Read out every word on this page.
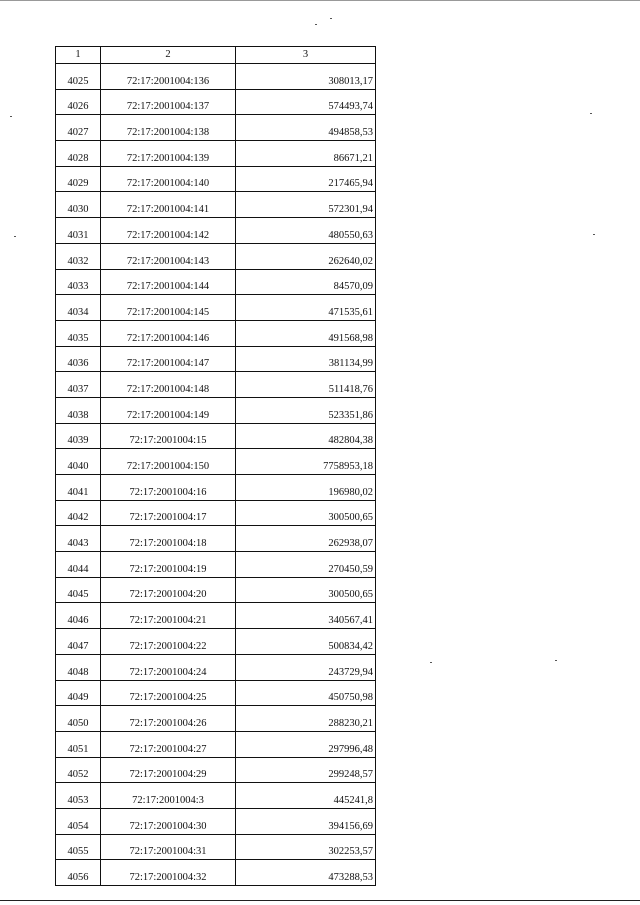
1	2	3
4025	72:17:2001004:136	308013,17
4026	72:17:2001004:137	574493,74
4027	72:17:2001004:138	494858,53
4028	72:17:2001004:139	86671,21
4029	72:17:2001004:140	217465,94
4030	72:17:2001004:141	572301,94
4031	72:17:2001004:142	480550,63
4032	72:17:2001004:143	262640,02
4033	72:17:2001004:144	84570,09
4034	72:17:2001004:145	471535,61
4035	72:17:2001004:146	491568,98
4036	72:17:2001004:147	381134,99
4037	72:17:2001004:148	511418,76
4038	72:17:2001004:149	523351,86
4039	72:17:2001004:15	482804,38
4040	72:17:2001004:150	7758953,18
4041	72:17:2001004:16	196980,02
4042	72:17:2001004:17	300500,65
4043	72:17:2001004:18	262938,07
4044	72:17:2001004:19	270450,59
4045	72:17:2001004:20	300500,65
4046	72:17:2001004:21	340567,41
4047	72:17:2001004:22	500834,42
4048	72:17:2001004:24	243729,94
4049	72:17:2001004:25	450750,98
4050	72:17:2001004:26	288230,21
4051	72:17:2001004:27	297996,48
4052	72:17:2001004:29	299248,57
4053	72:17:2001004:3	445241,8
4054	72:17:2001004:30	394156,69
4055	72:17:2001004:31	302253,57
4056	72:17:2001004:32	473288,53
